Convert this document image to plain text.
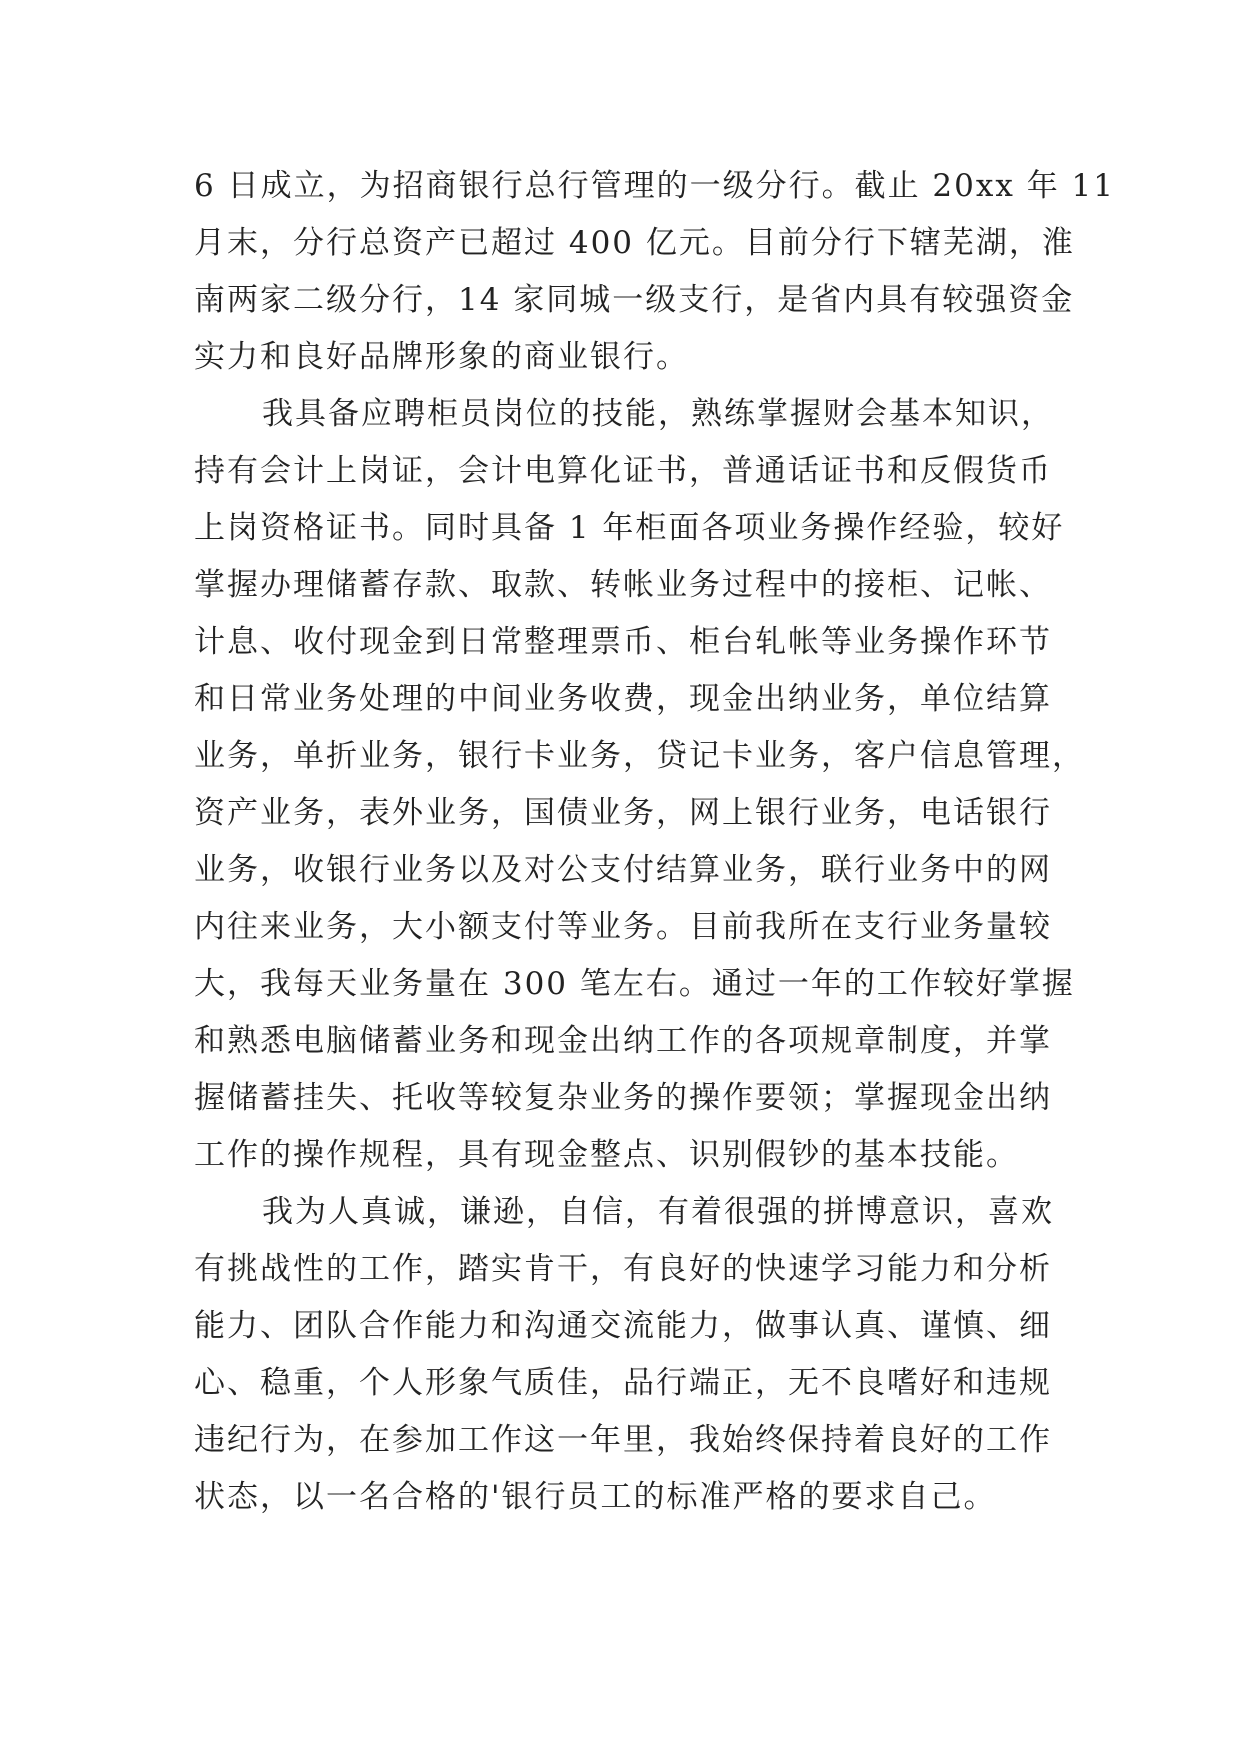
6 日成立，为招商银行总行管理的一级分行。截止 20xx 年 11
月末，分行总资产已超过 400 亿元。目前分行下辖芜湖，淮
南两家二级分行，14 家同城一级支行，是省内具有较强资金
实力和良好品牌形象的商业银行。
我具备应聘柜员岗位的技能，熟练掌握财会基本知识，
持有会计上岗证，会计电算化证书，普通话证书和反假货币
上岗资格证书。同时具备 1 年柜面各项业务操作经验，较好
掌握办理储蓄存款、取款、转帐业务过程中的接柜、记帐、
计息、收付现金到日常整理票币、柜台轧帐等业务操作环节
和日常业务处理的中间业务收费，现金出纳业务，单位结算
业务，单折业务，银行卡业务，贷记卡业务，客户信息管理，
资产业务，表外业务，国债业务，网上银行业务，电话银行
业务，收银行业务以及对公支付结算业务，联行业务中的网
内往来业务，大小额支付等业务。目前我所在支行业务量较
大，我每天业务量在 300 笔左右。通过一年的工作较好掌握
和熟悉电脑储蓄业务和现金出纳工作的各项规章制度，并掌
握储蓄挂失、托收等较复杂业务的操作要领；掌握现金出纳
工作的操作规程，具有现金整点、识别假钞的基本技能。
我为人真诚，谦逊，自信，有着很强的拼博意识，喜欢
有挑战性的工作，踏实肯干，有良好的快速学习能力和分析
能力、团队合作能力和沟通交流能力，做事认真、谨慎、细
心、稳重，个人形象气质佳，品行端正，无不良嗜好和违规
违纪行为，在参加工作这一年里，我始终保持着良好的工作
状态，以一名合格的'银行员工的标准严格的要求自己。
